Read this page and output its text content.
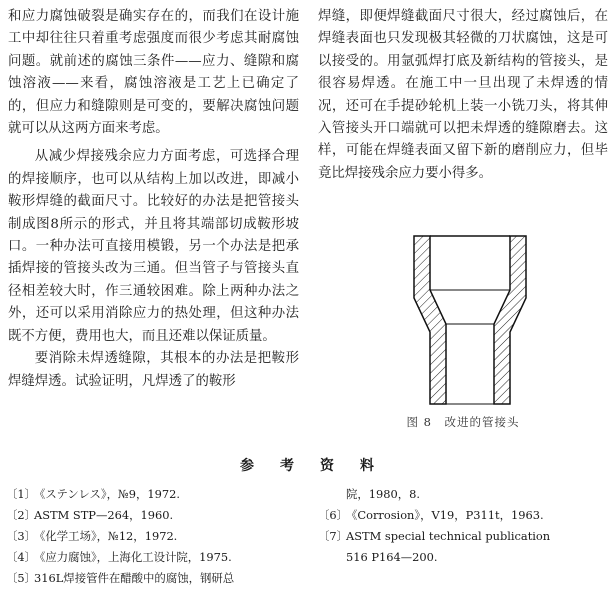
和应力腐蚀破裂是确实存在的，而我们在设计施工中却往往只着重考虑强度而很少考虑其耐腐蚀问题。就前述的腐蚀三条件——应力、缝隙和腐蚀溶液——来看，腐蚀溶液是工艺上已确定了的，但应力和缝隙则是可变的，要解决腐蚀问题就可以从这两方面来考虑。

从减少焊接残余应力方面考虑，可选择合理的焊接顺序，也可以从结构上加以改进，即减小鞍形焊缝的截面尺寸。比较好的办法是把管接头制成图8所示的形式，并且将其端部切成鞍形坡口。一种办法可直接用模锻，另一个办法是把承插焊接的管接头改为三通。但当管子与管接头直径相差较大时，作三通较困难。除上两种办法之外，还可以采用消除应力的热处理，但这种办法既不方便，费用也大，而且还难以保证质量。

要消除未焊透缝隙，其根本的办法是把鞍形焊缝焊透。试验证明，凡焊透了的鞍形

焊缝，即便焊缝截面尺寸很大，经过腐蚀后，在焊缝表面也只发现极其轻微的刀状腐蚀，这是可以接受的。用氩弧焊打底及新结构的管接头，是很容易焊透。在施工中一旦出现了未焊透的情况，还可在手提砂轮机上装一小铣刀头，将其伸入管接头开口端就可以把未焊透的缝隙磨去。这样，可能在焊缝表面又留下新的磨削应力，但毕竟比焊接残余应力要小得多。

图 8　改进的管接头
参考资料
〔1〕《ステンレス》，№9，1972.
〔2〕ASTM STP—264，1960.
〔3〕《化学工场》，№12，1972.
〔4〕《应力腐蚀》，上海化工设计院，1975.
〔5〕316L焊接管件在醋酸中的腐蚀，钢研总
院，1980，8.
〔6〕《Corrosion》，V19，P311t，1963.
〔7〕ASTM special technical publication
516 P164—200.
